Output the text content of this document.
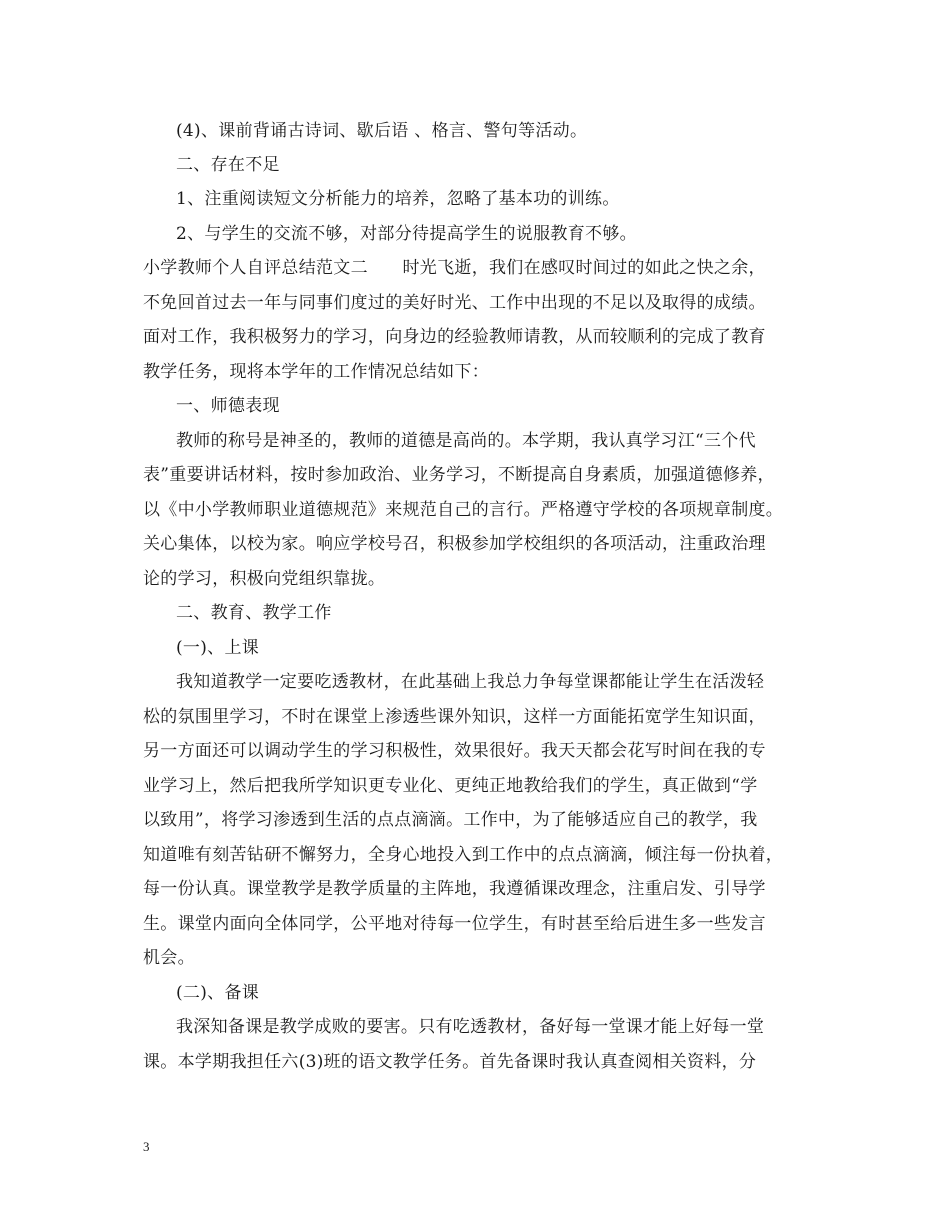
(4)、课前背诵古诗词、歇后语 、格言、警句等活动。
二、存在不足
1、注重阅读短文分析能力的培养，忽略了基本功的训练。
2、与学生的交流不够，对部分待提高学生的说服教育不够。
小学教师个人自评总结范文二　　时光飞逝，我们在感叹时间过的如此之快之余，
不免回首过去一年与同事们度过的美好时光、工作中出现的不足以及取得的成绩。
面对工作，我积极努力的学习，向身边的经验教师请教，从而较顺利的完成了教育
教学任务，现将本学年的工作情况总结如下：
一、师德表现
教师的称号是神圣的，教师的道德是高尚的。本学期，我认真学习江“三个代
表”重要讲话材料，按时参加政治、业务学习，不断提高自身素质，加强道德修养，
以《中小学教师职业道德规范》来规范自己的言行。严格遵守学校的各项规章制度。
关心集体，以校为家。响应学校号召，积极参加学校组织的各项活动，注重政治理
论的学习，积极向党组织靠拢。
二、教育、教学工作
(一)、上课
我知道教学一定要吃透教材，在此基础上我总力争每堂课都能让学生在活泼轻
松的氛围里学习，不时在课堂上渗透些课外知识，这样一方面能拓宽学生知识面，
另一方面还可以调动学生的学习积极性，效果很好。我天天都会花写时间在我的专
业学习上，然后把我所学知识更专业化、更纯正地教给我们的学生，真正做到“学
以致用”，将学习渗透到生活的点点滴滴。工作中，为了能够适应自己的教学，我
知道唯有刻苦钻研不懈努力，全身心地投入到工作中的点点滴滴，倾注每一份执着，
每一份认真。课堂教学是教学质量的主阵地，我遵循课改理念，注重启发、引导学
生。课堂内面向全体同学，公平地对待每一位学生，有时甚至给后进生多一些发言
机会。
(二)、备课
我深知备课是教学成败的要害。只有吃透教材，备好每一堂课才能上好每一堂
课。本学期我担任六(3)班的语文教学任务。首先备课时我认真查阅相关资料，分
3
